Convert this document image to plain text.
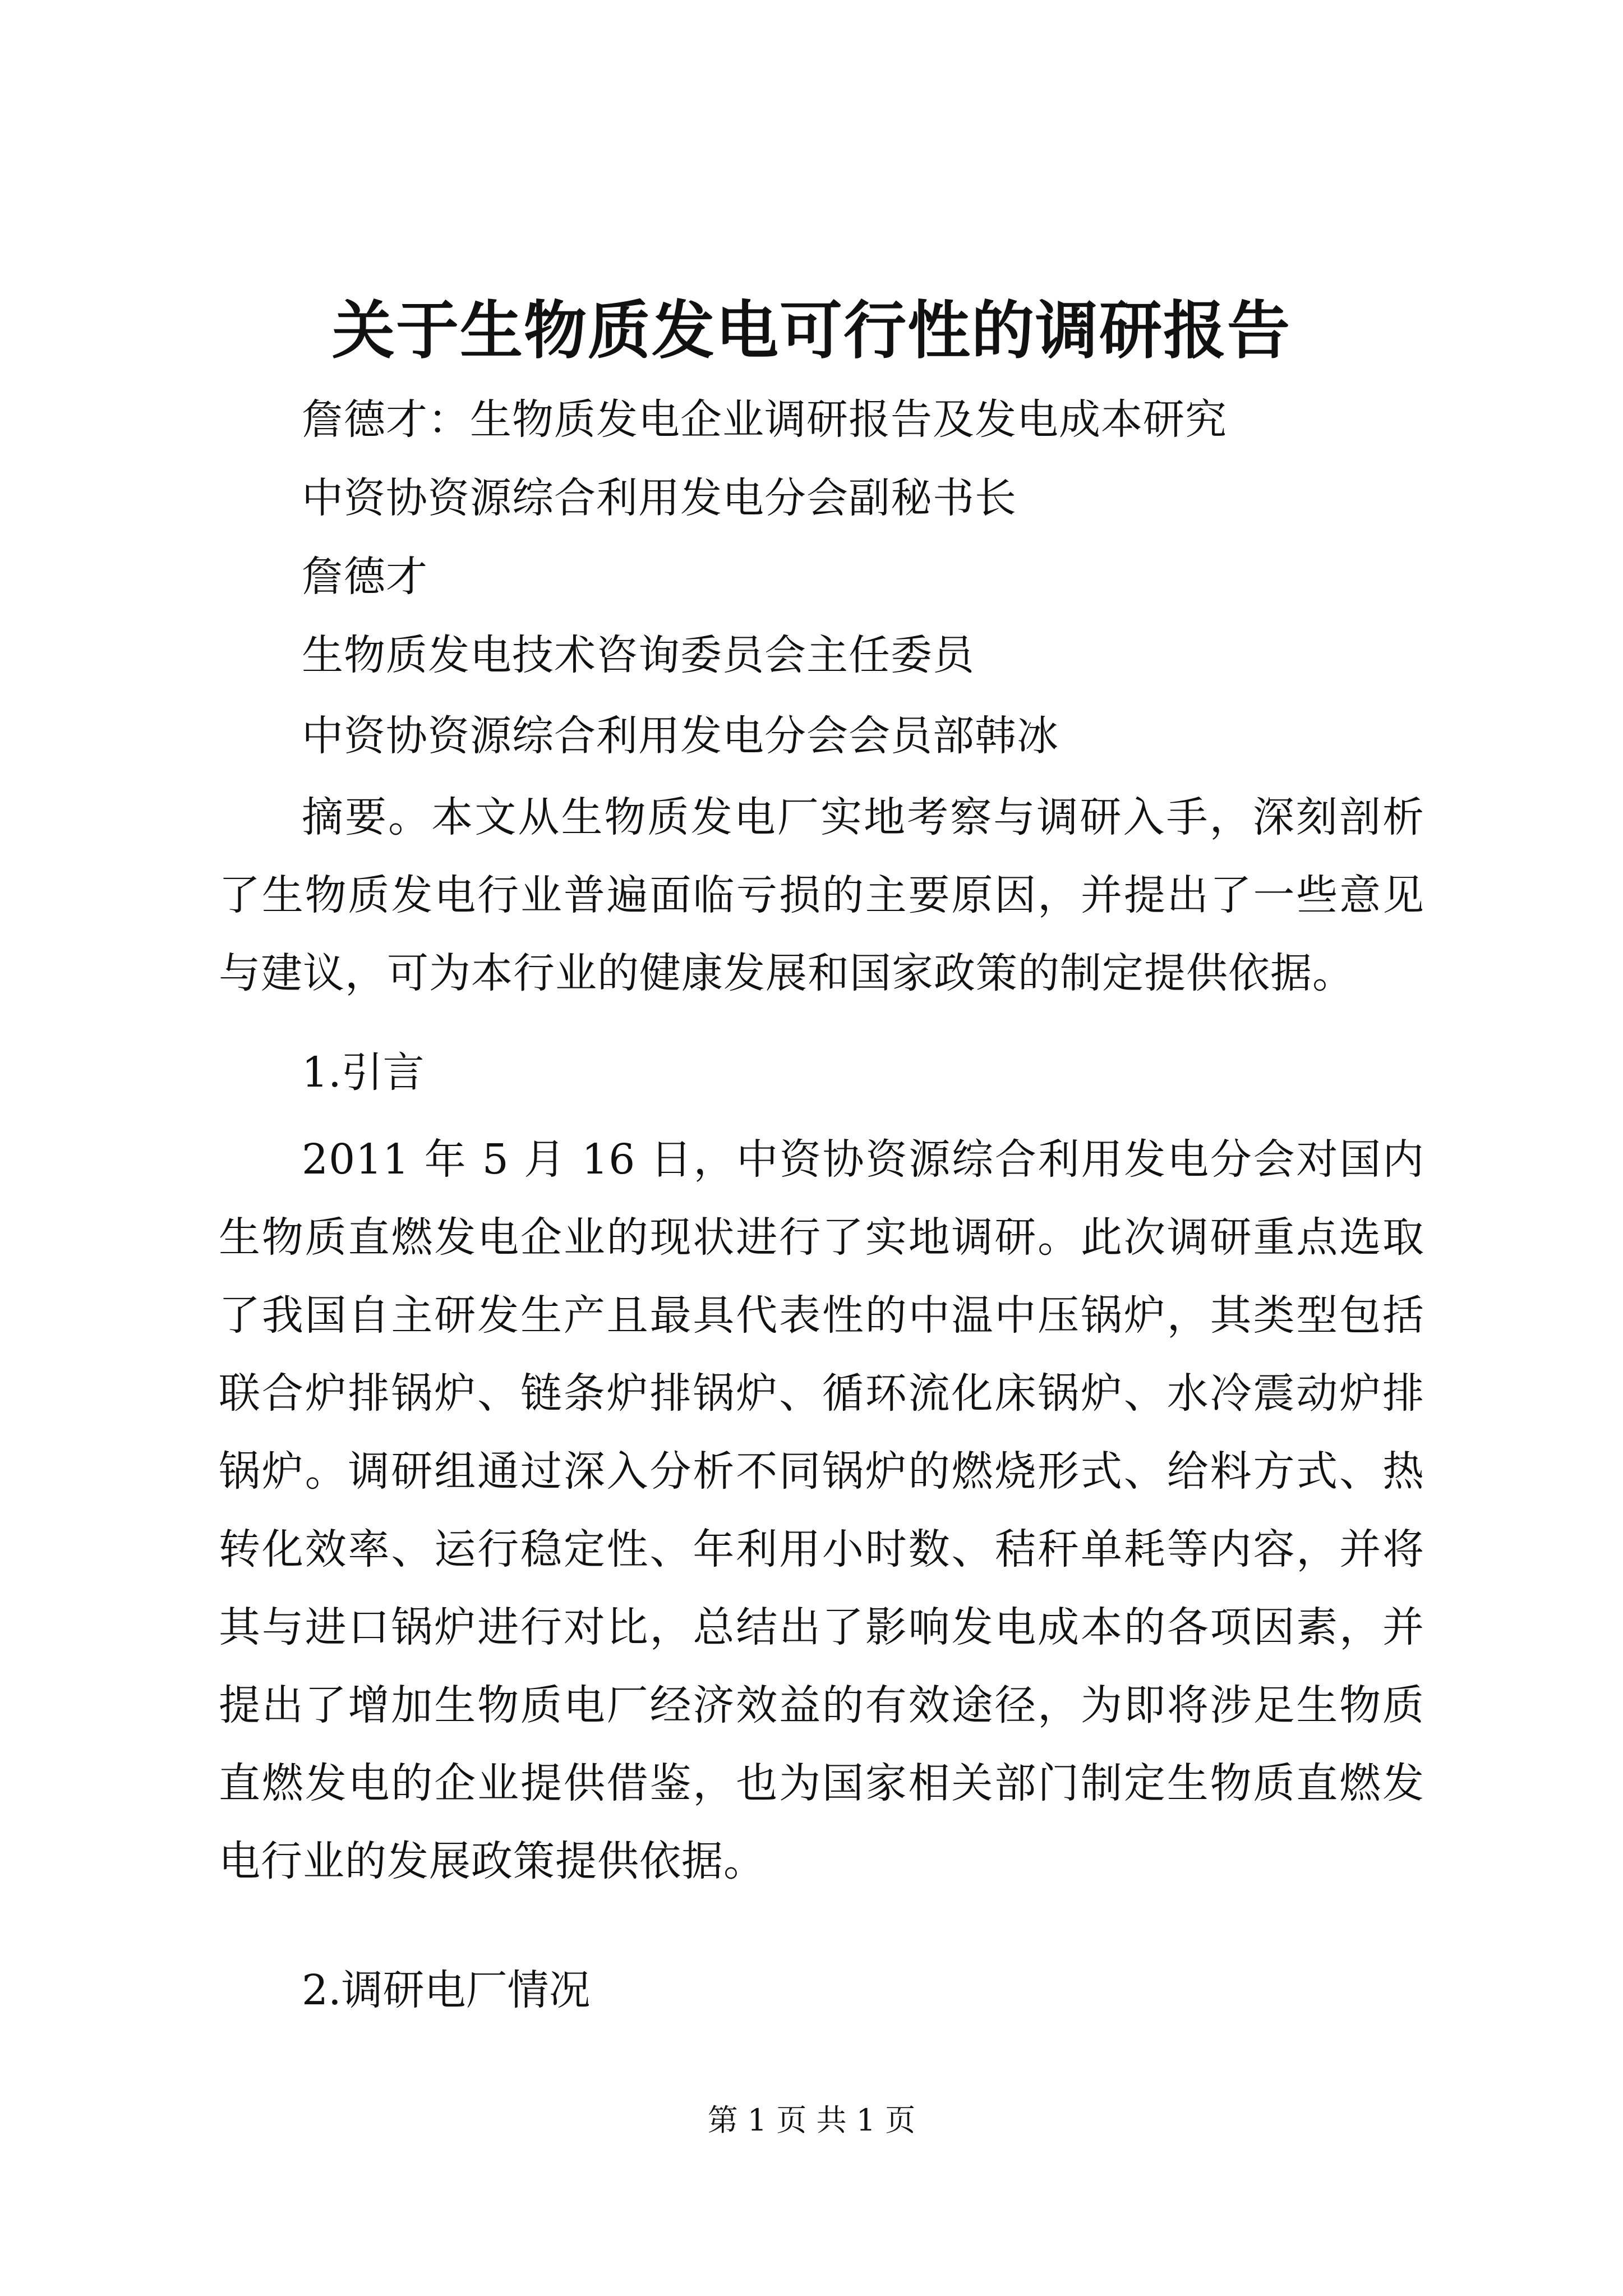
关于生物质发电可行性的调研报告
詹德才：生物质发电企业调研报告及发电成本研究
中资协资源综合利用发电分会副秘书长
詹德才
生物质发电技术咨询委员会主任委员
中资协资源综合利用发电分会会员部韩冰

摘要。本文从生物质发电厂实地考察与调研入手，深刻剖析了生物质发电行业普遍面临亏损的主要原因，并提出了一些意见与建议，可为本行业的健康发展和国家政策的制定提供依据。

1.引言

2011 年 5 月 16 日，中资协资源综合利用发电分会对国内生物质直燃发电企业的现状进行了实地调研。此次调研重点选取了我国自主研发生产且最具代表性的中温中压锅炉，其类型包括联合炉排锅炉、链条炉排锅炉、循环流化床锅炉、水冷震动炉排锅炉。调研组通过深入分析不同锅炉的燃烧形式、给料方式、热转化效率、运行稳定性、年利用小时数、秸秆单耗等内容，并将其与进口锅炉进行对比，总结出了影响发电成本的各项因素，并提出了增加生物质电厂经济效益的有效途径，为即将涉足生物质直燃发电的企业提供借鉴，也为国家相关部门制定生物质直燃发电行业的发展政策提供依据。

2.调研电厂情况
第 1 页 共 1 页
